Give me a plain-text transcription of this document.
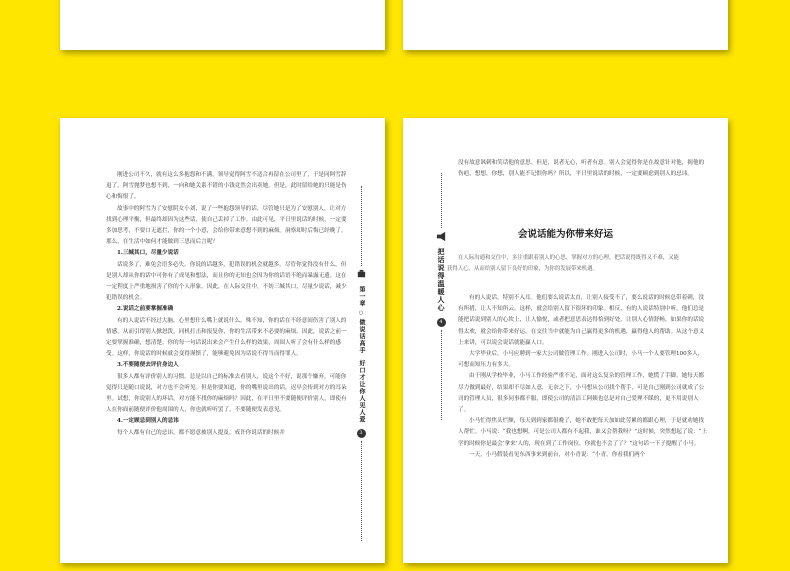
刚进公司不久，就有这么多抱怨和不满，领导觉得阿雪不适合再留在公司里了，于是同阿雪辞退了。阿雪抛梦也想不到，一向和她关系不错的小钱竟然会出卖她。但是，此时留给她的只能是伤心和悔恨了。

故事中的阿雪为了安慰阴女小刘，说了一些抱怨领导的话，尽管她只是为了安慰别人，让对方找到心理平衡，但最终却因为这些话，使自己丢掉了工作。由此可见，平日里说话的时候，一定要多加思考，不要口无遮拦，你的一个小意，会给你带来意想不到的麻烦。洞察却时后悔已经晚了。那么，在生活中如何才能做到三思而后言呢？

1.三缄其口，尽量少说话

话说多了，难免会语多必失。你说的话越多，犯错误的机会就越多。尽管你觉得没有什么，但是别人却从你的话中可你有了成见和想法，而且你的无知也会因为你的话语不绝而暴露无遗。这在一定程度上严重地损害了你的个人形象。因此，在人际交往中，不妨三缄其口，尽量少说话，减少犯错误的机会。

2.说话之前要掌握准确

有的人说话不经过大脑，心里想什么嘴上就说什么。殊不知，你的话在不经意间伤害了别人的情感，从而引得别人掀怒泼，同机打击和报复你，你的生活带来不必要的麻烦。因此，说话之前一定要掌握准确，想清楚。你的每一句话说出来会产生什么样的效果，周围人听了会有什么样的感受。这样，你说话的时候就会变得谨慎了，能够避免因为话说不得当而得罪人。

3.不要随便去评价身边人

很多人都有评价别人的习惯，总是以自己的标准去看别人，说这个不好，说那个嫌弃。可能你觉得只是随口说说，对方也不会听见。但是你要知道，你的嘴里说出的话，迟早会传到对方的耳朵里。试想，你说别人的坏话，对方能不找你的麻烦吗？因此，在平日里不要随便评价别人，即使有人在你面前随便评价他周围的人，你也就听听罢了，不要随便发表意见。

4.一定顾忌到别人的忌讳

每个人都有自己的忌讳，都不愿意被别人提及。戒许你说话的时候并

第一章
○
做说话高手
好口才让你人见人爱
3
把话说得温暖人心
4

没有故意讽刺和笑话他的意思。但是，说者无心，听者有意。别人会觉得你是在故意针对他，揭他的伤疤，想想，你想，别人能不记恨你吗？所以，平日里说话的时候，一定要顾虑到别人的忌讳。

会说话能为你带来好运

在人际沟通和交往中，多注重跟着别人的心思，掌握对方的心理，把话说得既得又不难，又能获得人心，从而给别人留下良好的印象，为你的发展带来机遇。

有的人说话，特别不入耳。他们要么说话太直，让别人接受不了，要么说话的时候总带着刺，没有所措，让人不知所云。这样，就会给别人留下很坏的印象。相反，有的人说话特别中听，他们总是能把话说到别人的心坎上，让人愉悦，或者把意思表达得恰到好处，让别人心情舒畅。如果你的话说得太欢，就会给你带来好运，在交往当中就能为自己赢得更多的机遇，赢得他人的帮助。从这个意义上来讲，可以说会说话就能赢人口。

大学毕业后，小马应聘到一家大公司做管理工作。刚进入公司时，小马一个人要管理100多人，可想而知压力有多大。

由于刚从学校毕业，小马工作经验严重不足，面对这么复杂的管理工作，她慌了手脚。她每天都尽力做到最好，结果却不尽如人意，无奈之下，小马想从公司找个帮手，可是自己刚到公司就成了公司的管理人员，很多同事都不服，即使公司的清洁工阿姨也总是对自己爱理不睬的，更不用说别人了。

小马忙得焦头烂额，每天到到家都很晚了，她不敢把每天加如此劳累的都跟心理，于是就劝她找人帮忙。小马说：“我也想啊，可是公司人都有不起我，谁又会帮我呀？”这时候，突然想起了说：“上学的时候你是最会‘拿来’人的，现在到了工作岗位，你就也不会了了？”这句话一下子提醒了小马。

一天，小马假装看见东西事来到前台，对小青说：“小青，你看我们两个
